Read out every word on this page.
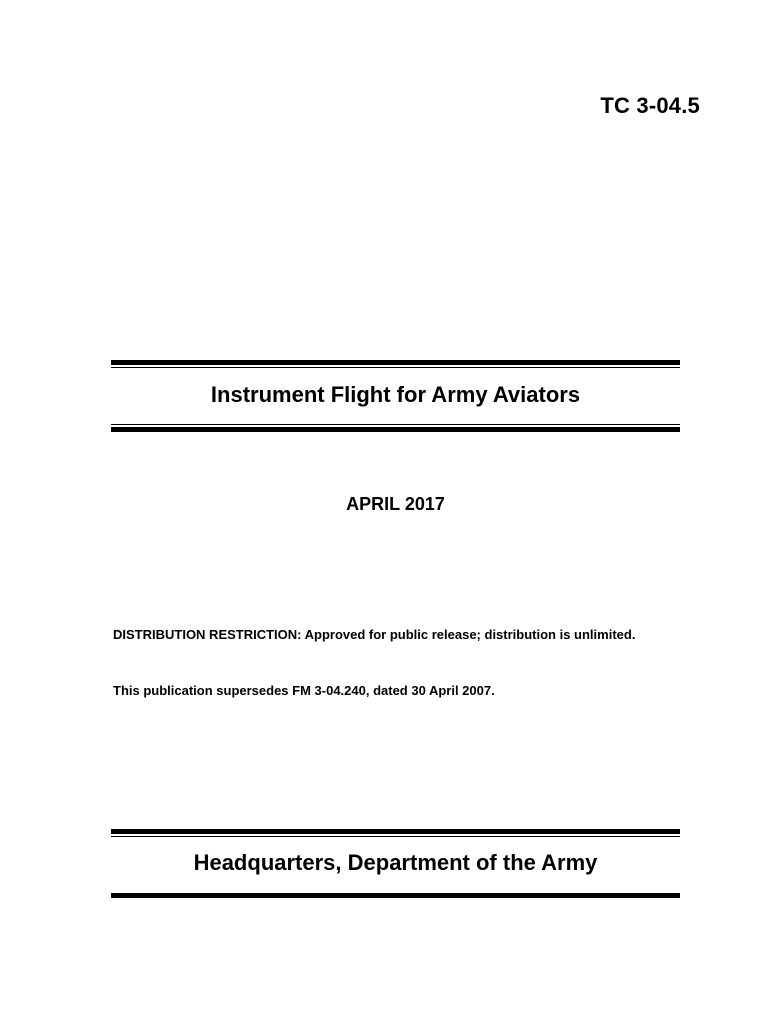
TC 3-04.5
Instrument Flight for Army Aviators
APRIL 2017
DISTRIBUTION RESTRICTION: Approved for public release; distribution is unlimited.
This publication supersedes FM 3-04.240, dated 30 April 2007.
Headquarters, Department of the Army
